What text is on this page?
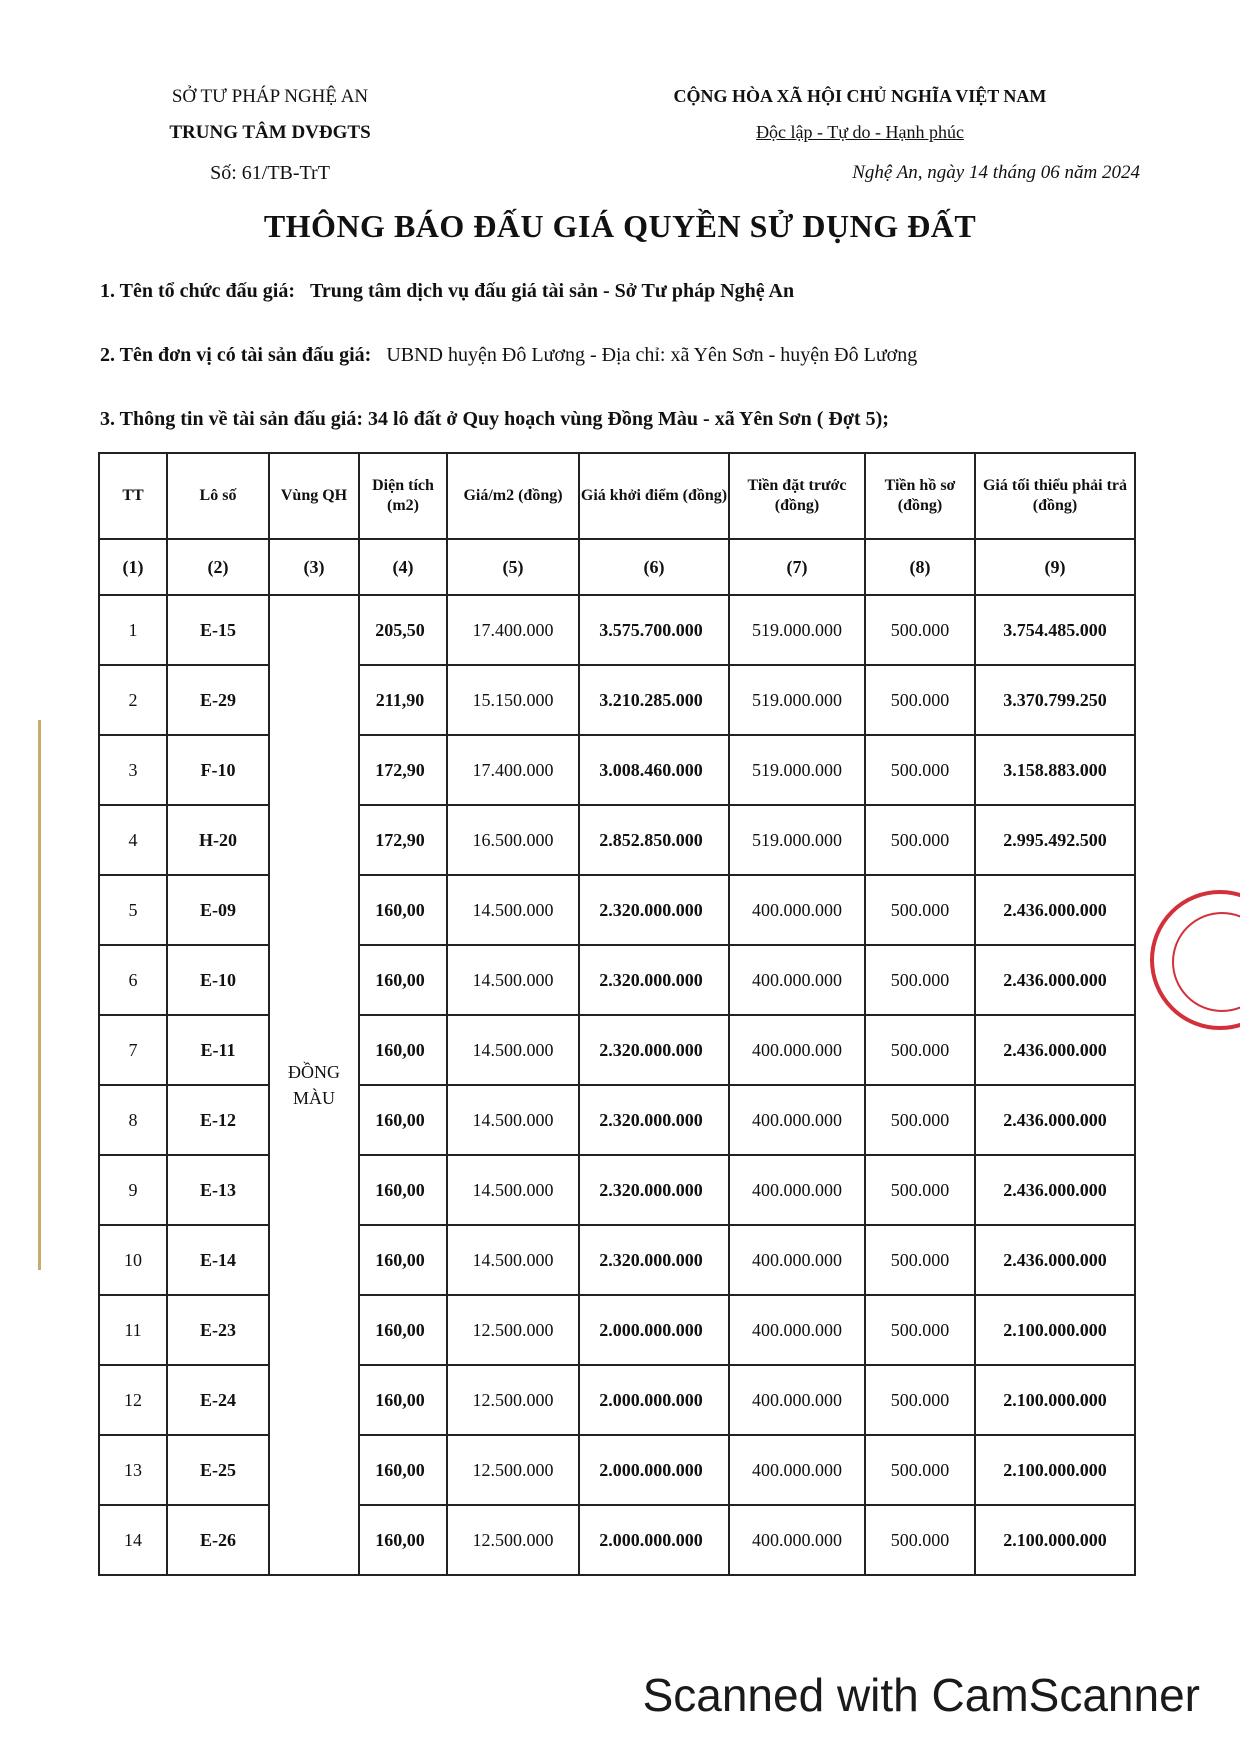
SỞ TƯ PHÁP NGHỆ AN
TRUNG TÂM DVĐGTS
Số: 61/TB-TrT
CỘNG HÒA XÃ HỘI CHỦ NGHĨA VIỆT NAM
Độc lập - Tự do - Hạnh phúc
Nghệ An, ngày 14 tháng 06 năm 2024
THÔNG BÁO ĐẤU GIÁ QUYỀN SỬ DỤNG ĐẤT
1. Tên tổ chức đấu giá: Trung tâm dịch vụ đấu giá tài sản - Sở Tư pháp Nghệ An
2. Tên đơn vị có tài sản đấu giá: UBND huyện Đô Lương - Địa chỉ: xã Yên Sơn - huyện Đô Lương
3. Thông tin về tài sản đấu giá: 34 lô đất ở Quy hoạch vùng Đồng Màu - xã Yên Sơn ( Đợt 5);
TT	Lô số	Vùng QH	Diện tích (m2)	Giá/m2 (đồng)	Giá khởi điểm (đồng)	Tiền đặt trước (đồng)	Tiền hồ sơ (đồng)	Giá tối thiểu phải trả (đồng)
(1)	(2)	(3)	(4)	(5)	(6)	(7)	(8)	(9)
1	E-15	ĐỒNG MÀU	205,50	17.400.000	3.575.700.000	519.000.000	500.000	3.754.485.000
2	E-29		211,90	15.150.000	3.210.285.000	519.000.000	500.000	3.370.799.250
3	F-10		172,90	17.400.000	3.008.460.000	519.000.000	500.000	3.158.883.000
4	H-20		172,90	16.500.000	2.852.850.000	519.000.000	500.000	2.995.492.500
5	E-09		160,00	14.500.000	2.320.000.000	400.000.000	500.000	2.436.000.000
6	E-10		160,00	14.500.000	2.320.000.000	400.000.000	500.000	2.436.000.000
7	E-11		160,00	14.500.000	2.320.000.000	400.000.000	500.000	2.436.000.000
8	E-12		160,00	14.500.000	2.320.000.000	400.000.000	500.000	2.436.000.000
9	E-13		160,00	14.500.000	2.320.000.000	400.000.000	500.000	2.436.000.000
10	E-14		160,00	14.500.000	2.320.000.000	400.000.000	500.000	2.436.000.000
11	E-23		160,00	12.500.000	2.000.000.000	400.000.000	500.000	2.100.000.000
12	E-24		160,00	12.500.000	2.000.000.000	400.000.000	500.000	2.100.000.000
13	E-25		160,00	12.500.000	2.000.000.000	400.000.000	500.000	2.100.000.000
14	E-26		160,00	12.500.000	2.000.000.000	400.000.000	500.000	2.100.000.000
Scanned with CamScanner
